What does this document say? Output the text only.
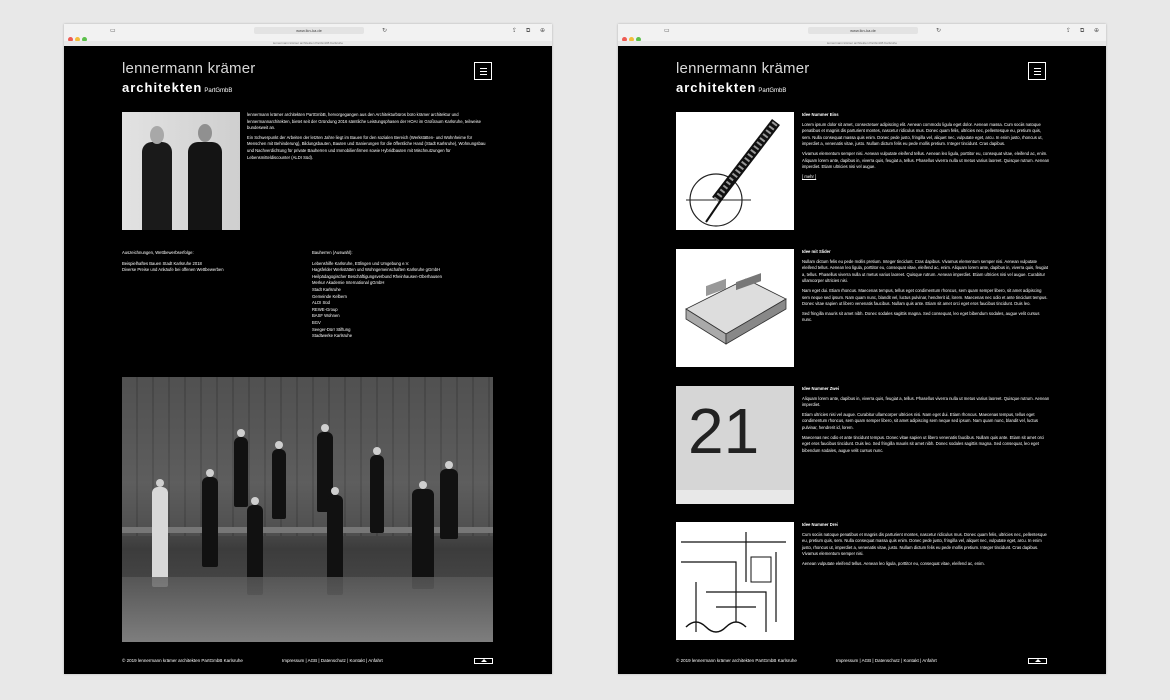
▭	www.lkn-ka.de	↻	⇪ ⧉ ⊕
lennermann krämer architekten PartGmbB Karlsruhe
lennermann krämer
architekten PartGmbB

lennermann krämer architekten PartGmbB, hervorgegangen aus den Architekturbüros büro krämer architektur und lennermannarchitekten, bietet seit der Gründung 2016 sämtliche Leistungsphasen der HOAI im Großraum Karlsruhe, teilweise bundesweit an.

Ein Schwerpunkt der Arbeiten der letzten Jahre liegt im Bauen für den sozialen Bereich (Werkstätten- und Wohnheime für Menschen mit Behinderung), Bildungsbauten, Bauten und Sanierungen für die öffentliche Hand (Stadt Karlsruhe), Wohnungsbau und Nachverdichtung für private Bauherren und Immobilienfirmen sowie Hybridbauten mit Mischnutzungen für Lebensmitteldiscounter (ALDI Süd).

Auszeichnungen, Wettbewerbserfolge:

Beispielhaftes Bauen Stadt Karlsruhe 2018
Diverse Preise und Ankäufe bei offenen Wettbewerben

Bauherren (Auswahl):

Lebenshilfe Karlsruhe, Ettlingen und Umgebung e.V.
Hagsfelder Werkstätten und Wohngemeinschaften Karlsruhe gGmbH
Heilpädagogischer Beschäftigungsverbund Rheinhausen-Oberhausen
Merkur Akademie International gGmbH
Stadt Karlsruhe
Gemeinde Kelbern
ALDI Süd
REWE-Group
BASF Wohnen
BGV
Seeger-Dürr Stiftung
Stadtwerke Karlsruhe
© 2019 lennermann krämer architekten PartGmbB Karlsruhe	Impressum | AGB | Datenschutz | Kontakt | Anfahrt
▭	www.lkn-ka.de	↻	⇪ ⧉ ⊕
lennermann krämer architekten PartGmbB Karlsruhe
lennermann krämer
architekten PartGmbB

Idee Nummer Eins

Lorem ipsum dolor sit amet, consectetuer adipiscing elit. Aenean commodo ligula eget dolor. Aenean massa. Cum sociis natoque penatibus et magnis dis parturient montes, nascetur ridiculus mus. Donec quam felis, ultricies nec, pellentesque eu, pretium quis, sem. Nulla consequat massa quis enim. Donec pede justo, fringilla vel, aliquet nec, vulputate eget, arcu. In enim justo, rhoncus ut, imperdiet a, venenatis vitae, justo. Nullam dictum felis eu pede mollis pretium. Integer tincidunt. Cras dapibus.

Vivamus elementum semper nisi. Aenean vulputate eleifend tellus. Aenean leo ligula, porttitor eu, consequat vitae, eleifend ac, enim. Aliquam lorem ante, dapibus in, viverra quis, feugiat a, tellus. Phasellus viverra nulla ut metus varius laoreet. Quisque rutrum. Aenean imperdiet. Etiam ultricies nisi vel augue.

[ mehr ]

Idee mit Slider

Nullam dictum felis eu pede mollis pretium. Integer tincidunt. Cras dapibus. Vivamus elementum semper nisi. Aenean vulputate eleifend tellus. Aenean leo ligula, porttitor eu, consequat vitae, eleifend ac, enim. Aliquam lorem ante, dapibus in, viverra quis, feugiat a, tellus. Phasellus viverra nulla ut metus varius laoreet. Quisque rutrum. Aenean imperdiet. Etiam ultricies nisi vel augue. Curabitur ullamcorper ultricies nisi.

Nam eget dui. Etiam rhoncus. Maecenas tempus, tellus eget condimentum rhoncus, sem quam semper libero, sit amet adipiscing sem neque sed ipsum. Nam quam nunc, blandit vel, luctus pulvinar, hendrerit id, lorem. Maecenas nec odio et ante tincidunt tempus. Donec vitae sapien ut libero venenatis faucibus. Nullam quis ante. Etiam sit amet orci eget eros faucibus tincidunt. Duis leo.

Sed fringilla mauris sit amet nibh. Donec sodales sagittis magna. Sed consequat, leo eget bibendum sodales, augue velit cursus nunc.

21

Idee Nummer Zwei

Aliquam lorem ante, dapibus in, viverra quis, feugiat a, tellus. Phasellus viverra nulla ut metus varius laoreet. Quisque rutrum. Aenean imperdiet.

Etiam ultricies nisi vel augue. Curabitur ullamcorper ultricies nisi. Nam eget dui. Etiam rhoncus. Maecenas tempus, tellus eget condimentum rhoncus, sem quam semper libero, sit amet adipiscing sem neque sed ipsum. Nam quam nunc, blandit vel, luctus pulvinar, hendrerit id, lorem.

Maecenas nec odio et ante tincidunt tempus. Donec vitae sapien ut libero venenatis faucibus. Nullam quis ante. Etiam sit amet orci eget eros faucibus tincidunt. Duis leo. Sed fringilla mauris sit amet nibh. Donec sodales sagittis magna. Sed consequat, leo eget bibendum sodales, augue velit cursus nunc.

Idee Nummer Drei

Cum sociis natoque penatibus et magnis dis parturient montes, nascetur ridiculus mus. Donec quam felis, ultricies nec, pellentesque eu, pretium quis, sem. Nulla consequat massa quis enim. Donec pede justo, fringilla vel, aliquet nec, vulputate eget, arcu. In enim justo, rhoncus ut, imperdiet a, venenatis vitae, justo. Nullam dictum felis eu pede mollis pretium. Integer tincidunt. Cras dapibus. Vivamus elementum semper nisi.

Aenean vulputate eleifend tellus. Aenean leo ligula, porttitor eu, consequat vitae, eleifend ac, enim.

© 2019 lennermann krämer architekten PartGmbB Karlsruhe	Impressum | AGB | Datenschutz | Kontakt | Anfahrt
